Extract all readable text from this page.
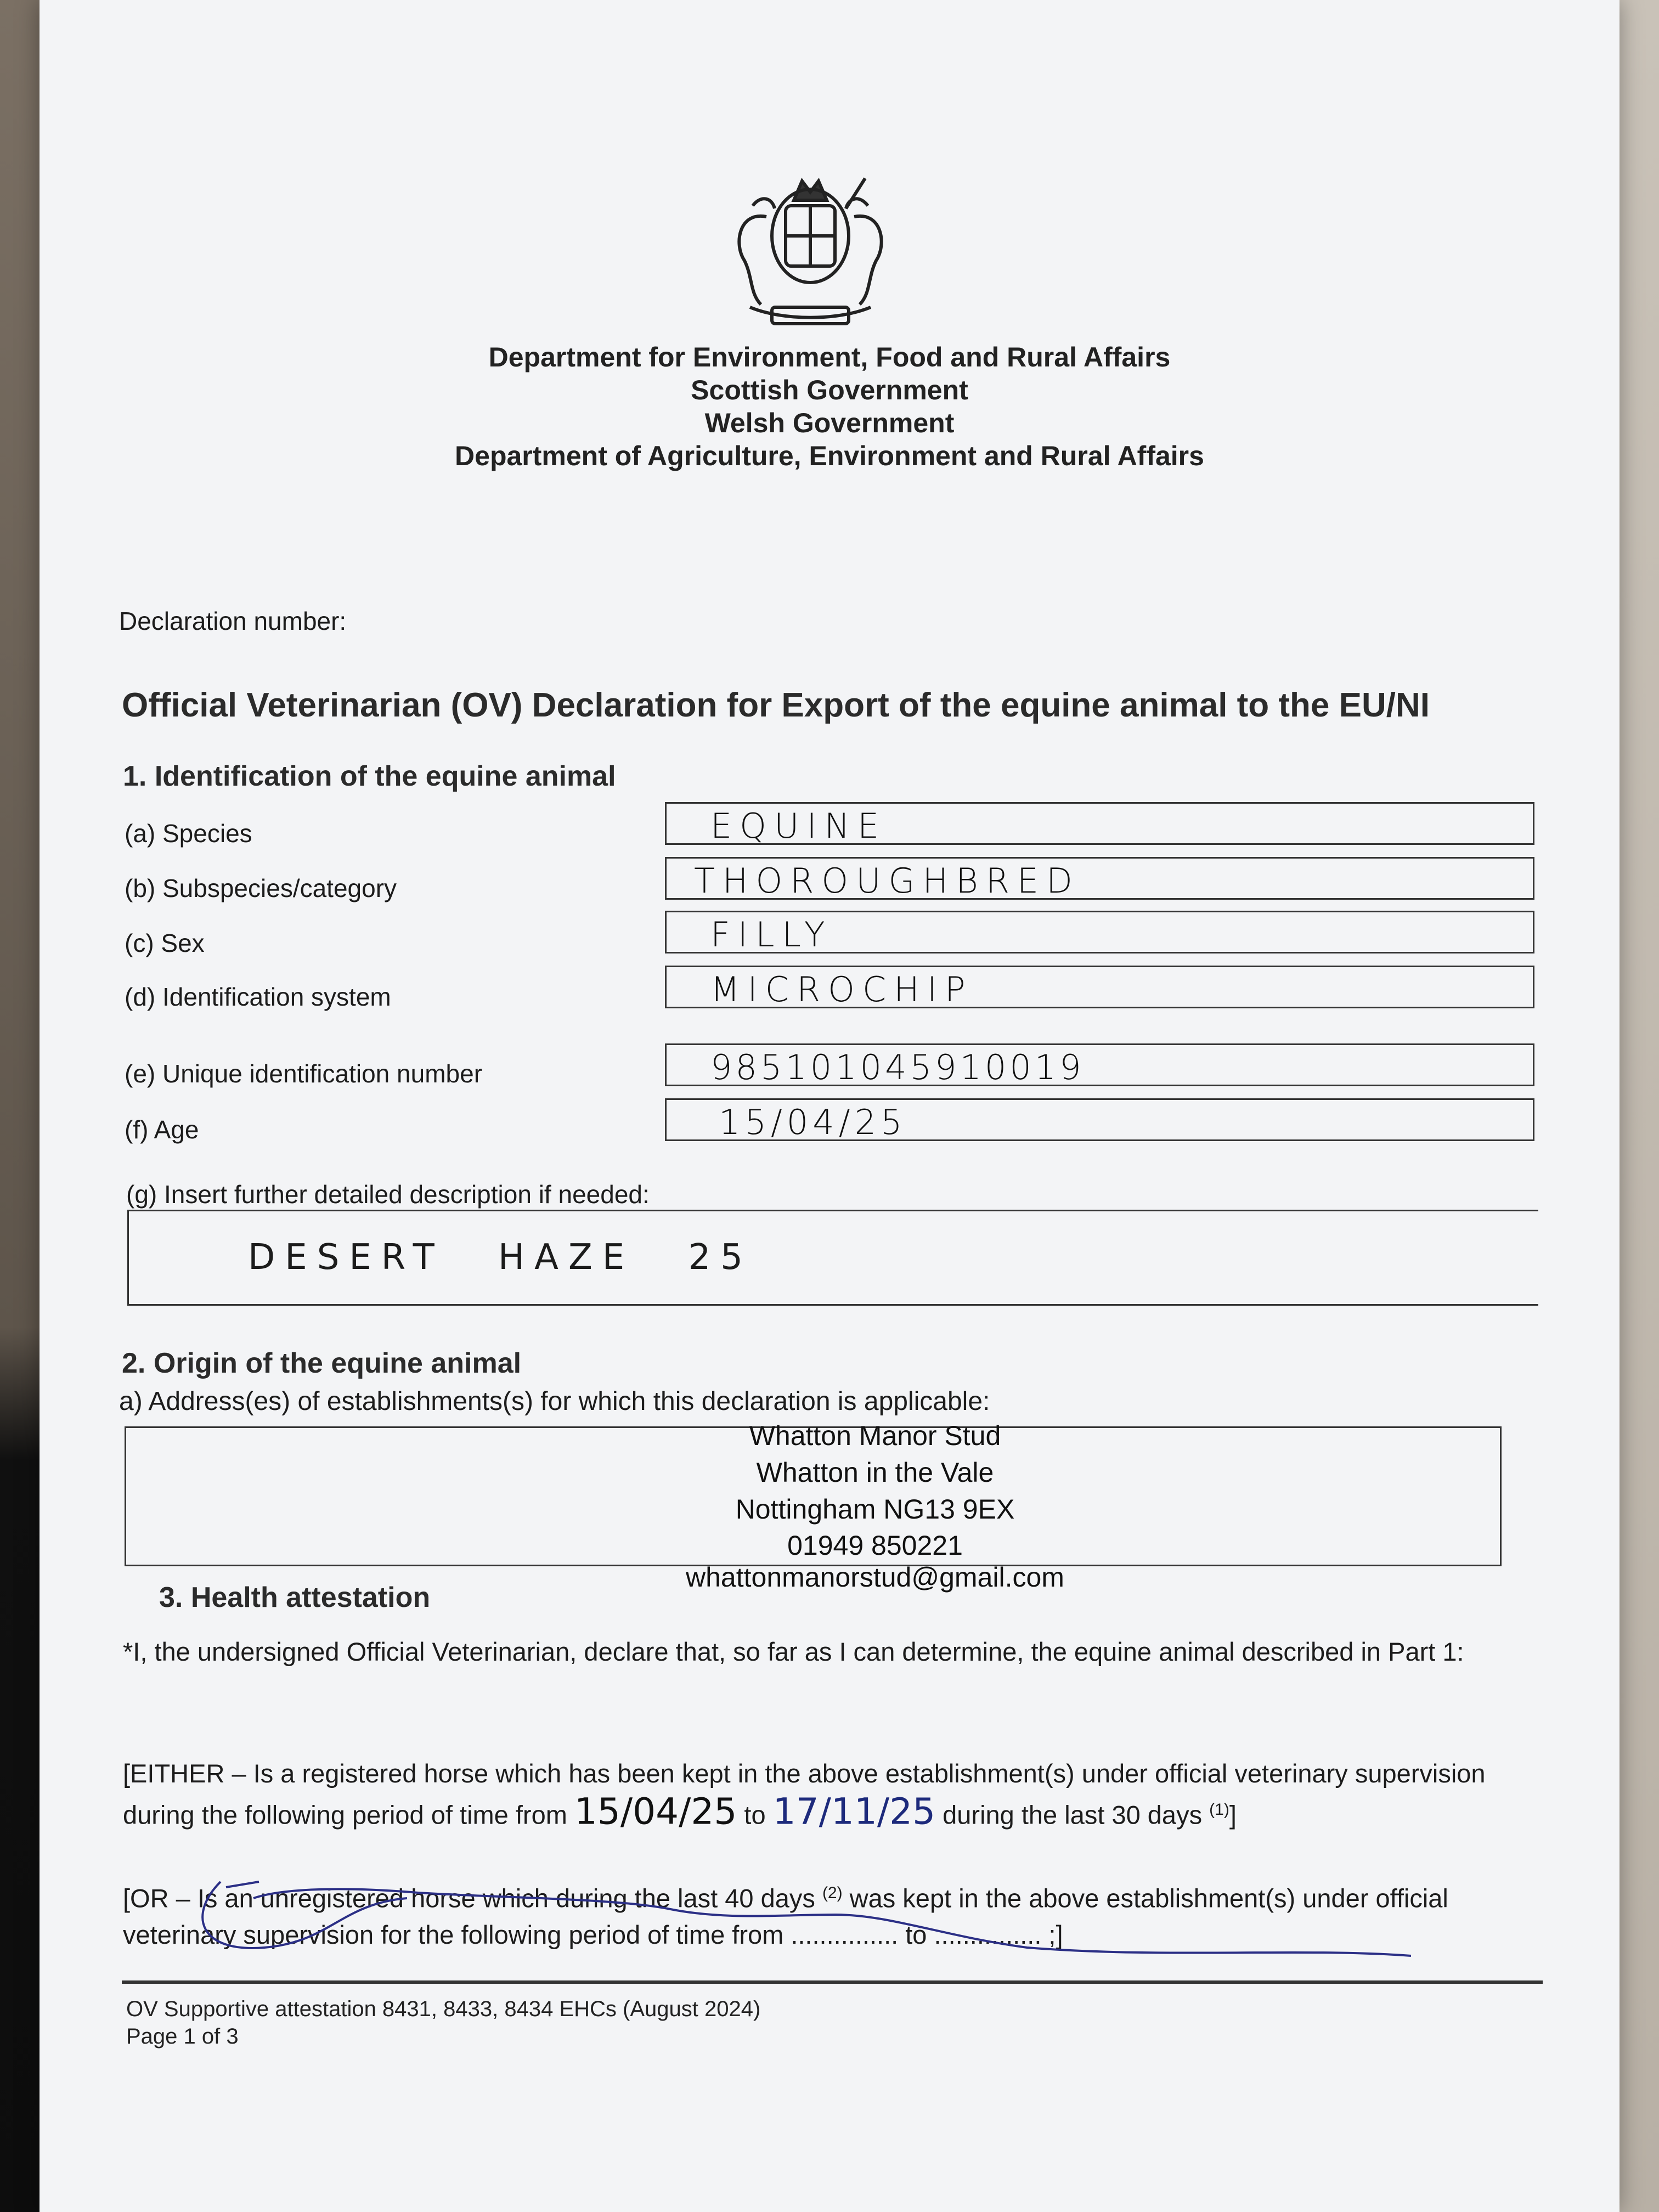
Department for Environment, Food and Rural Affairs
Scottish Government
Welsh Government
Department of Agriculture, Environment and Rural Affairs
Declaration number:
Official Veterinarian (OV) Declaration for Export of the equine animal to the EU/NI
1. Identification of the equine animal
(a) Species	EQUINE
(b) Subspecies/category	THOROUGHBRED
(c) Sex	FILLY
(d) Identification system	MICROCHIP
(e) Unique identification number	985101045910019
(f) Age	15/04/25
(g) Insert further detailed description if needed:
DESERT HAZE 25
2. Origin of the equine animal
a) Address(es) of establishments(s) for which this declaration is applicable:
Whatton Manor Stud
Whatton in the Vale
Nottingham NG13 9EX
01949 850221
whattonmanorstud@gmail.com
3. Health attestation
*I, the undersigned Official Veterinarian, declare that, so far as I can determine, the equine animal described in Part 1:
[EITHER – Is a registered horse which has been kept in the above establishment(s) under official veterinary supervision during the following period of time from 15/04/25 to 17/11/25 during the last 30 days $^{(1)}$]
[OR – Is an unregistered horse which during the last 40 days $^{(2)}$ was kept in the above establishment(s) under official veterinary supervision for the following period of time from ............... to ............... ;]
OV Supportive attestation 8431, 8433, 8434 EHCs (August 2024)
Page 1 of 3
